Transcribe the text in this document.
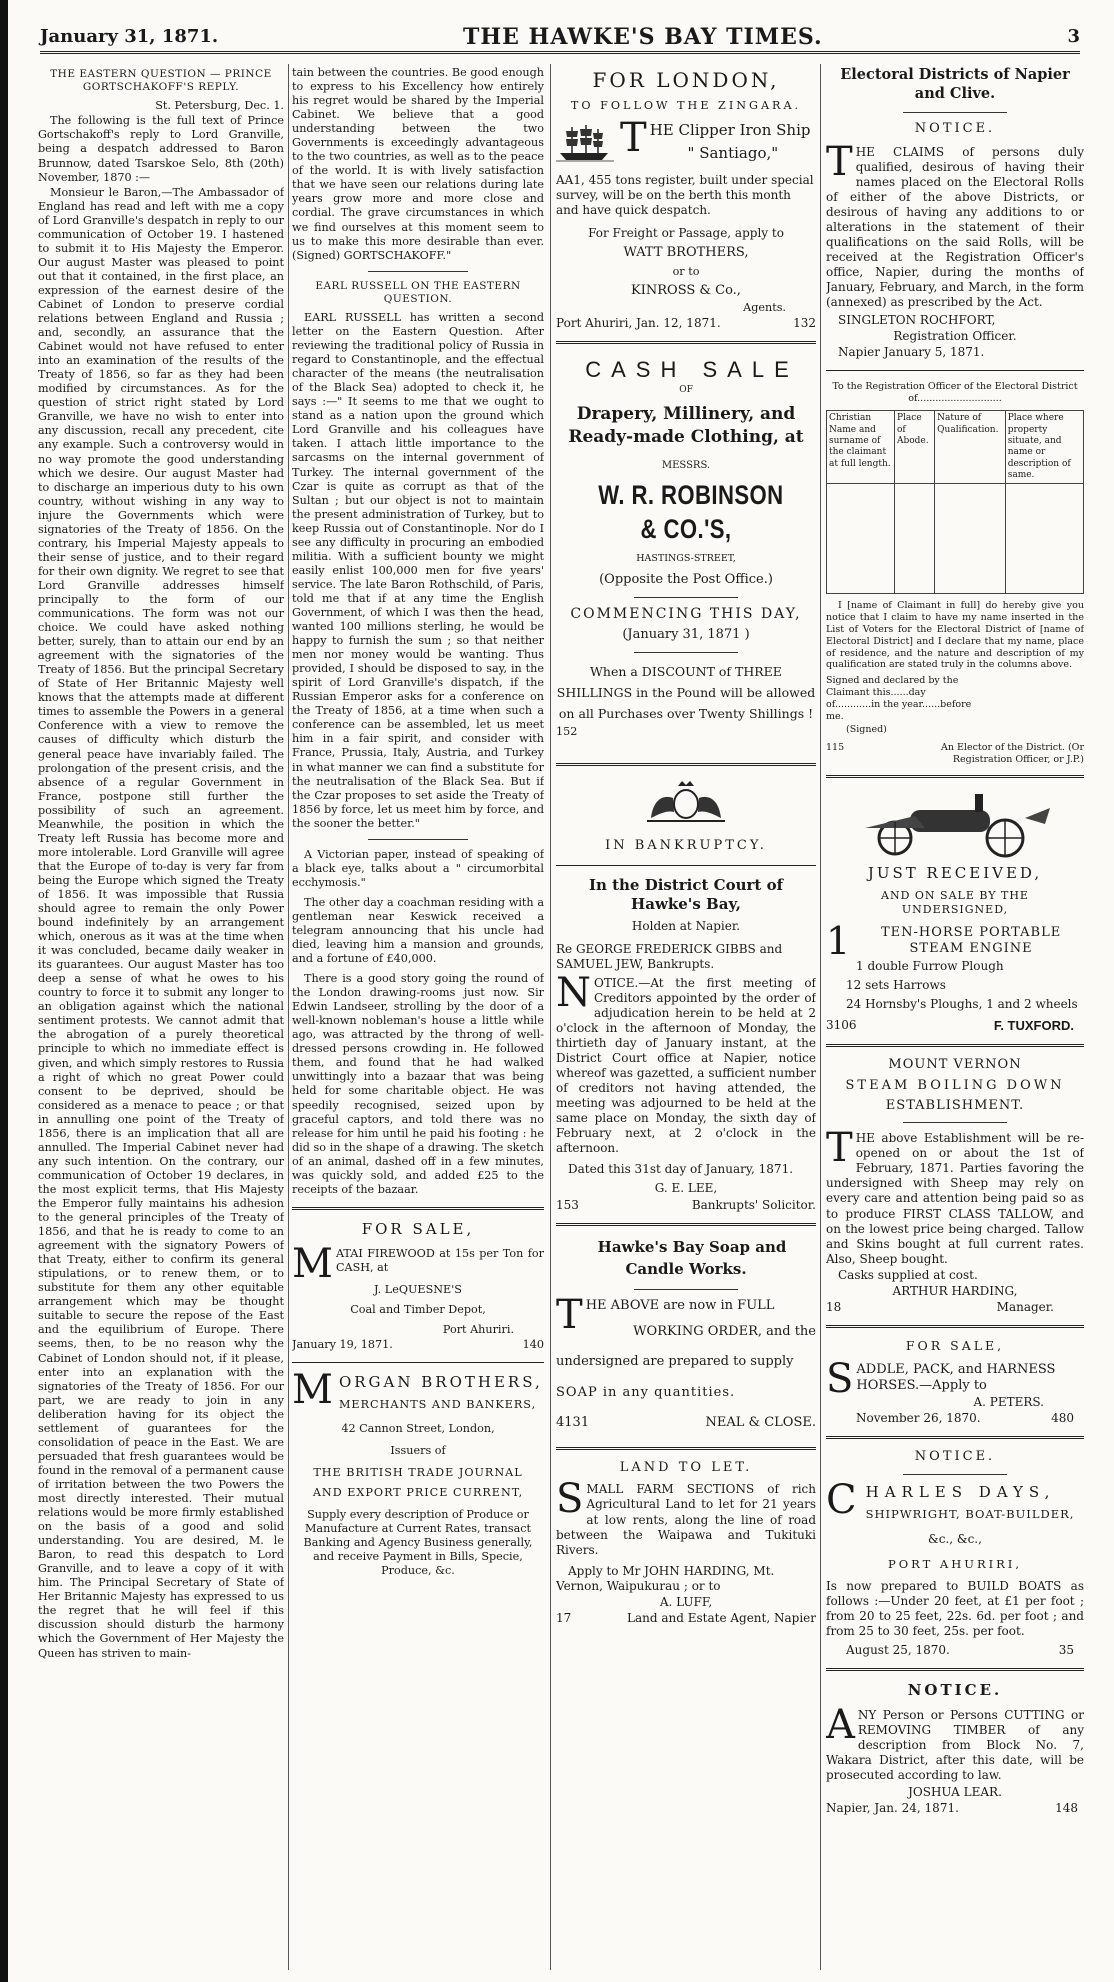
January 31, 1871.	THE HAWKE'S BAY TIMES.	3

THE EASTERN QUESTION — PRINCE GORTSCHAKOFF'S REPLY.

St. Petersburg, Dec. 1.

The following is the full text of Prince Gortschakoff's reply to Lord Granville, being a despatch addressed to Baron Brunnow, dated Tsarskoe Selo, 8th (20th) November, 1870 :—

Monsieur le Baron,—The Ambassador of England has read and left with me a copy of Lord Granville's despatch in reply to our communication of October 19. I hastened to submit it to His Majesty the Emperor. Our august Master was pleased to point out that it contained, in the first place, an expression of the earnest desire of the Cabinet of London to preserve cordial relations between England and Russia ; and, secondly, an assurance that the Cabinet would not have refused to enter into an examination of the results of the Treaty of 1856, so far as they had been modified by circumstances. As for the question of strict right stated by Lord Granville, we have no wish to enter into any discussion, recall any precedent, cite any example. Such a controversy would in no way promote the good understanding which we desire. Our august Master had to discharge an imperious duty to his own country, without wishing in any way to injure the Governments which were signatories of the Treaty of 1856. On the contrary, his Imperial Majesty appeals to their sense of justice, and to their regard for their own dignity. We regret to see that Lord Granville addresses himself principally to the form of our communications. The form was not our choice. We could have asked nothing better, surely, than to attain our end by an agreement with the signatories of the Treaty of 1856. But the principal Secretary of State of Her Britannic Majesty well knows that the attempts made at different times to assemble the Powers in a general Conference with a view to remove the causes of difficulty which disturb the general peace have invariably failed. The prolongation of the present crisis, and the absence of a regular Government in France, postpone still further the possibility of such an agreement. Meanwhile, the position in which the Treaty left Russia has become more and more intolerable. Lord Granville will agree that the Europe of to-day is very far from being the Europe which signed the Treaty of 1856. It was impossible that Russia should agree to remain the only Power bound indefinitely by an arrangement which, onerous as it was at the time when it was concluded, became daily weaker in its guarantees. Our august Master has too deep a sense of what he owes to his country to force it to submit any longer to an obligation against which the national sentiment protests. We cannot admit that the abrogation of a purely theoretical principle to which no immediate effect is given, and which simply restores to Russia a right of which no great Power could consent to be deprived, should be considered as a menace to peace ; or that in annulling one point of the Treaty of 1856, there is an implication that all are annulled. The Imperial Cabinet never had any such intention. On the contrary, our communication of October 19 declares, in the most explicit terms, that His Majesty the Emperor fully maintains his adhesion to the general principles of the Treaty of 1856, and that he is ready to come to an agreement with the signatory Powers of that Treaty, either to confirm its general stipulations, or to renew them, or to substitute for them any other equitable arrangement which may be thought suitable to secure the repose of the East and the equilibrium of Europe. There seems, then, to be no reason why the Cabinet of London should not, if it please, enter into an explanation with the signatories of the Treaty of 1856. For our part, we are ready to join in any deliberation having for its object the settlement of guarantees for the consolidation of peace in the East. We are persuaded that fresh guarantees would be found in the removal of a permanent cause of irritation between the two Powers the most directly interested. Their mutual relations would be more firmly established on the basis of a good and solid understanding. You are desired, M. le Baron, to read this despatch to Lord Granville, and to leave a copy of it with him. The Principal Secretary of State of Her Britannic Majesty has expressed to us the regret that he will feel if this discussion should disturb the harmony which the Government of Her Majesty the Queen has striven to main-

tain between the countries. Be good enough to express to his Excellency how entirely his regret would be shared by the Imperial Cabinet. We believe that a good understanding between the two Governments is exceedingly advantageous to the two countries, as well as to the peace of the world. It is with lively satisfaction that we have seen our relations during late years grow more and more close and cordial. The grave circumstances in which we find ourselves at this moment seem to us to make this more desirable than ever. (Signed) GORTSCHAKOFF."

EARL RUSSELL ON THE EASTERN QUESTION.

EARL RUSSELL has written a second letter on the Eastern Question. After reviewing the traditional policy of Russia in regard to Constantinople, and the effectual character of the means (the neutralisation of the Black Sea) adopted to check it, he says :—" It seems to me that we ought to stand as a nation upon the ground which Lord Granville and his colleagues have taken. I attach little importance to the sarcasms on the internal government of Turkey. The internal government of the Czar is quite as corrupt as that of the Sultan ; but our object is not to maintain the present administration of Turkey, but to keep Russia out of Constantinople. Nor do I see any difficulty in procuring an embodied militia. With a sufficient bounty we might easily enlist 100,000 men for five years' service. The late Baron Rothschild, of Paris, told me that if at any time the English Government, of which I was then the head, wanted 100 millions sterling, he would be happy to furnish the sum ; so that neither men nor money would be wanting. Thus provided, I should be disposed to say, in the spirit of Lord Granville's dispatch, if the Russian Emperor asks for a conference on the Treaty of 1856, at a time when such a conference can be assembled, let us meet him in a fair spirit, and consider with France, Prussia, Italy, Austria, and Turkey in what manner we can find a substitute for the neutralisation of the Black Sea. But if the Czar proposes to set aside the Treaty of 1856 by force, let us meet him by force, and the sooner the better."

A Victorian paper, instead of speaking of a black eye, talks about a " circumorbital ecchymosis."

The other day a coachman residing with a gentleman near Keswick received a telegram announcing that his uncle had died, leaving him a mansion and grounds, and a fortune of £40,000.

There is a good story going the round of the London drawing-rooms just now. Sir Edwin Landseer, strolling by the door of a well-known nobleman's house a little while ago, was attracted by the throng of well-dressed persons crowding in. He followed them, and found that he had walked unwittingly into a bazaar that was being held for some charitable object. He was speedily recognised, seized upon by graceful captors, and told there was no release for him until he paid his footing : he did so in the shape of a drawing. The sketch of an animal, dashed off in a few minutes, was quickly sold, and added £25 to the receipts of the bazaar.

FOR SALE,

MATAI FIREWOOD at 15s per Ton for CASH, at

J. LeQUESNE'S

Coal and Timber Depot,

Port Ahuriri.

January 19, 1871.	140

MORGAN BROTHERS,

MERCHANTS AND BANKERS,

42 Cannon Street, London,

Issuers of

THE BRITISH TRADE JOURNAL

AND EXPORT PRICE CURRENT,

Supply every description of Produce or Manufacture at Current Rates, transact Banking and Agency Business generally, and receive Payment in Bills, Specie, Produce, &c.

FOR LONDON,

TO FOLLOW THE ZINGARA.

THE Clipper Iron Ship

" Santiago,"

AA1, 455 tons register, built under special survey, will be on the berth this month and have quick despatch.

For Freight or Passage, apply to

WATT BROTHERS,

or to

KINROSS & Co.,

Agents.

Port Ahuriri, Jan. 12, 1871.	132

CASH SALE

OF

Drapery, Millinery, and Ready-made Clothing, at

MESSRS.

W. R. ROBINSON & CO.'S,

HASTINGS-STREET,

(Opposite the Post Office.)

COMMENCING THIS DAY,

(January 31, 1871 )

When a DISCOUNT of THREE SHILLINGS in the Pound will be allowed on all Purchases over Twenty Shillings !

152

IN BANKRUPTCY.

In the District Court of Hawke's Bay,

Holden at Napier.

Re GEORGE FREDERICK GIBBS and SAMUEL JEW, Bankrupts.

NOTICE.—At the first meeting of Creditors appointed by the order of adjudication herein to be held at 2 o'clock in the afternoon of Monday, the thirtieth day of January instant, at the District Court office at Napier, notice whereof was gazetted, a sufficient number of creditors not having attended, the meeting was adjourned to be held at the same place on Monday, the sixth day of February next, at 2 o'clock in the afternoon.

Dated this 31st day of January, 1871.

G. E. LEE,

153	Bankrupts' Solicitor.

Hawke's Bay Soap and Candle Works.

THE ABOVE are now in FULL

WORKING ORDER, and the

undersigned are prepared to supply

SOAP in any quantities.

4131	NEAL & CLOSE.

LAND TO LET.

SMALL FARM SECTIONS of rich Agricultural Land to let for 21 years at low rents, along the line of road between the Waipawa and Tukituki Rivers.

Apply to Mr JOHN HARDING, Mt. Vernon, Waipukurau ; or to

A. LUFF,

17	Land and Estate Agent, Napier

Electoral Districts of Napier and Clive.

NOTICE.

THE CLAIMS of persons duly qualified, desirous of having their names placed on the Electoral Rolls of either of the above Districts, or desirous of having any additions to or alterations in the statement of their qualifications on the said Rolls, will be received at the Registration Officer's office, Napier, during the months of January, February, and March, in the form (annexed) as prescribed by the Act.

SINGLETON ROCHFORT,

Registration Officer.

Napier January 5, 1871.

To the Registration Officer of the Electoral District of............................

Christian Name and surname of the claimant at full length.	Place of Abode.	Nature of Qualification.	Place where property situate, and name or description of same.

I [name of Claimant in full] do hereby give you notice that I claim to have my name inserted in the List of Voters for the Electoral District of [name of Electoral District] and I declare that my name, place of residence, and the nature and description of my qualification are stated truly in the columns above.

Signed and declared by the Claimant this......day of............in the year......before me.

(Signed)

115	An Elector of the District. (Or Registration Officer, or J.P.)

JUST RECEIVED,

AND ON SALE BY THE UNDERSIGNED,

1	TEN-HORSE PORTABLE STEAM ENGINE

1 double Furrow Plough

12 sets Harrows

24 Hornsby's Ploughs, 1 and 2 wheels

3106	F. TUXFORD.

MOUNT VERNON

STEAM BOILING DOWN

ESTABLISHMENT.

THE above Establishment will be re-opened on or about the 1st of February, 1871. Parties favoring the undersigned with Sheep may rely on every care and attention being paid so as to produce FIRST CLASS TALLOW, and on the lowest price being charged. Tallow and Skins bought at full current rates. Also, Sheep bought.

Casks supplied at cost.

ARTHUR HARDING,

18	Manager.

FOR SALE,

SADDLE, PACK, and HARNESS HORSES.—Apply to

A. PETERS.

November 26, 1870.	480

NOTICE.

CHARLES DAYS,

SHIPWRIGHT, BOAT-BUILDER,

&c., &c.,

PORT AHURIRI,

Is now prepared to BUILD BOATS as follows :—Under 20 feet, at £1 per foot ; from 20 to 25 feet, 22s. 6d. per foot ; and from 25 to 30 feet, 25s. per foot.

August 25, 1870.	35

NOTICE.

ANY Person or Persons CUTTING or REMOVING TIMBER of any description from Block No. 7, Wakara District, after this date, will be prosecuted according to law.

JOSHUA LEAR.

Napier, Jan. 24, 1871.	148
